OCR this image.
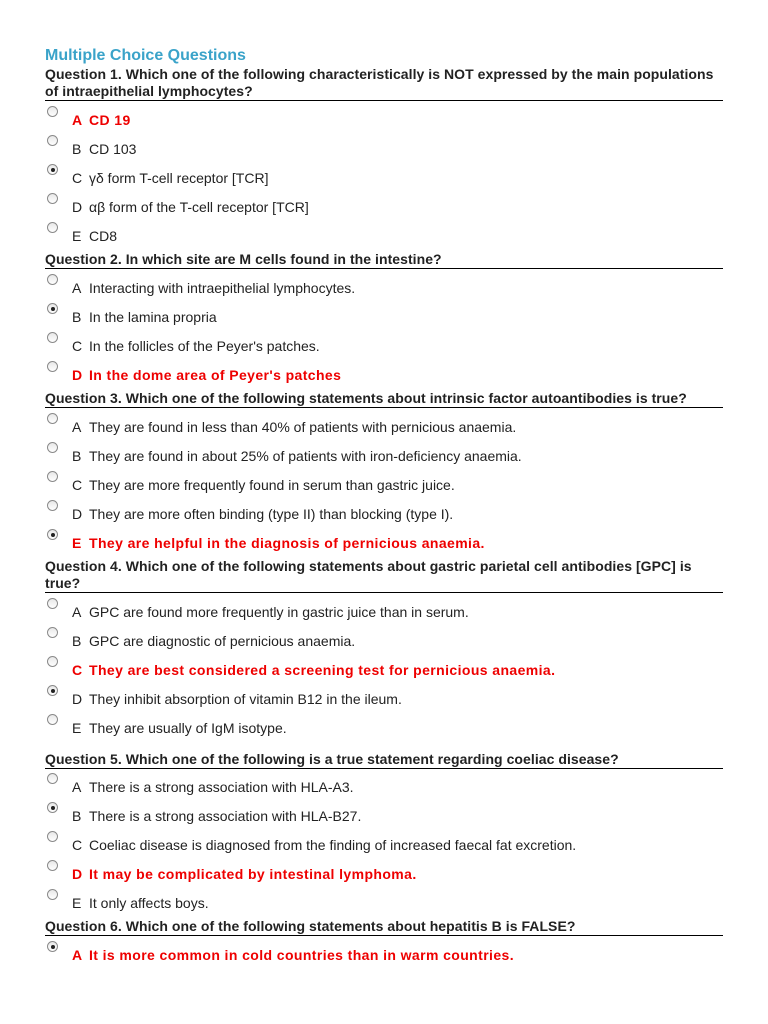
Multiple Choice Questions
Question 1. Which one of the following characteristically is NOT expressed by the main populations of intraepithelial lymphocytes?
A CD 19
B CD 103
C γδ form T-cell receptor [TCR]
D αβ form of the T-cell receptor [TCR]
E CD8
Question 2. In which site are M cells found in the intestine?
A Interacting with intraepithelial lymphocytes.
B In the lamina propria
C In the follicles of the Peyer's patches.
D In the dome area of Peyer's patches
Question 3. Which one of the following statements about intrinsic factor autoantibodies is true?
A They are found in less than 40% of patients with pernicious anaemia.
B They are found in about 25% of patients with iron-deficiency anaemia.
C They are more frequently found in serum than gastric juice.
D They are more often binding (type II) than blocking (type I).
E They are helpful in the diagnosis of pernicious anaemia.
Question 4. Which one of the following statements about gastric parietal cell antibodies [GPC] is true?
A GPC are found more frequently in gastric juice than in serum.
B GPC are diagnostic of pernicious anaemia.
C They are best considered a screening test for pernicious anaemia.
D They inhibit absorption of vitamin B12 in the ileum.
E They are usually of IgM isotype.
Question 5. Which one of the following is a true statement regarding coeliac disease?
A There is a strong association with HLA-A3.
B There is a strong association with HLA-B27.
C Coeliac disease is diagnosed from the finding of increased faecal fat excretion.
D It may be complicated by intestinal lymphoma.
E It only affects boys.
Question 6. Which one of the following statements about hepatitis B is FALSE?
A It is more common in cold countries than in warm countries.
